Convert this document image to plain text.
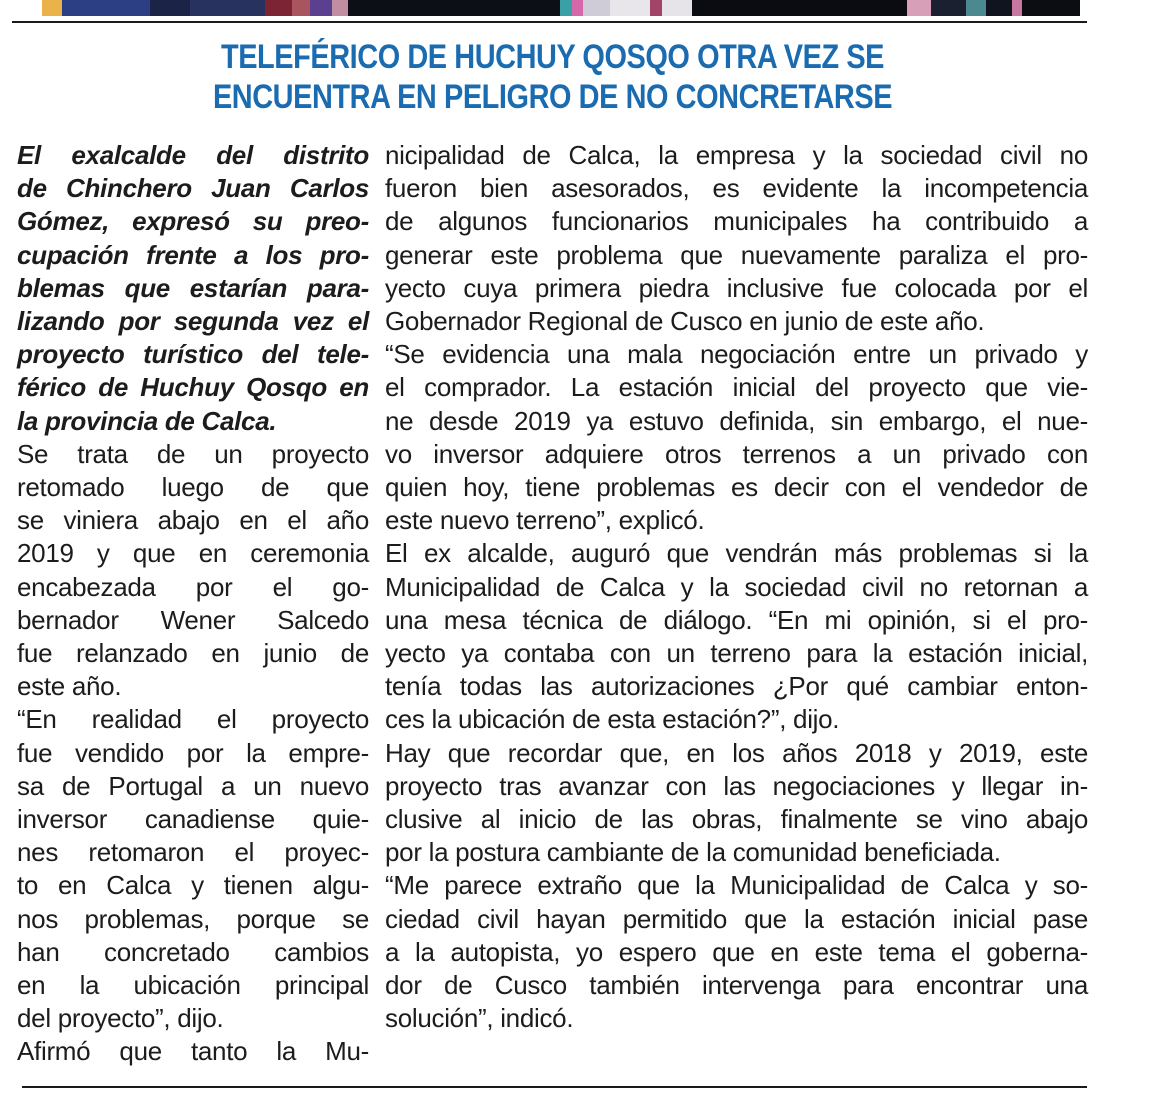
TELEFÉRICO DE HUCHUY QOSQO OTRA VEZ SE
ENCUENTRA EN PELIGRO DE NO CONCRETARSE
El exalcalde del distrito
de Chinchero Juan Carlos
Gómez, expresó su preo-
cupación frente a los pro-
blemas que estarían para-
lizando por segunda vez el
proyecto turístico del tele-
férico de Huchuy Qosqo en
la provincia de Calca.
Se trata de un proyecto
retomado luego de que
se viniera abajo en el año
2019 y que en ceremonia
encabezada por el go-
bernador Wener Salcedo
fue relanzado en junio de
este año.
“En realidad el proyecto
fue vendido por la empre-
sa de Portugal a un nuevo
inversor canadiense quie-
nes retomaron el proyec-
to en Calca y tienen algu-
nos problemas, porque se
han concretado cambios
en la ubicación principal
del proyecto”, dijo.
Afirmó que tanto la Mu-
nicipalidad de Calca, la empresa y la sociedad civil no
fueron bien asesorados, es evidente la incompetencia
de algunos funcionarios municipales ha contribuido a
generar este problema que nuevamente paraliza el pro-
yecto cuya primera piedra inclusive fue colocada por el
Gobernador Regional de Cusco en junio de este año.
“Se evidencia una mala negociación entre un privado y
el comprador. La estación inicial del proyecto que vie-
ne desde 2019 ya estuvo definida, sin embargo, el nue-
vo inversor adquiere otros terrenos a un privado con
quien hoy, tiene problemas es decir con el vendedor de
este nuevo terreno”, explicó.
El ex alcalde, auguró que vendrán más problemas si la
Municipalidad de Calca y la sociedad civil no retornan a
una mesa técnica de diálogo. “En mi opinión, si el pro-
yecto ya contaba con un terreno para la estación inicial,
tenía todas las autorizaciones ¿Por qué cambiar enton-
ces la ubicación de esta estación?”, dijo.
Hay que recordar que, en los años 2018 y 2019, este
proyecto tras avanzar con las negociaciones y llegar in-
clusive al inicio de las obras, finalmente se vino abajo
por la postura cambiante de la comunidad beneficiada.
“Me parece extraño que la Municipalidad de Calca y so-
ciedad civil hayan permitido que la estación inicial pase
a la autopista, yo espero que en este tema el goberna-
dor de Cusco también intervenga para encontrar una
solución”, indicó.
